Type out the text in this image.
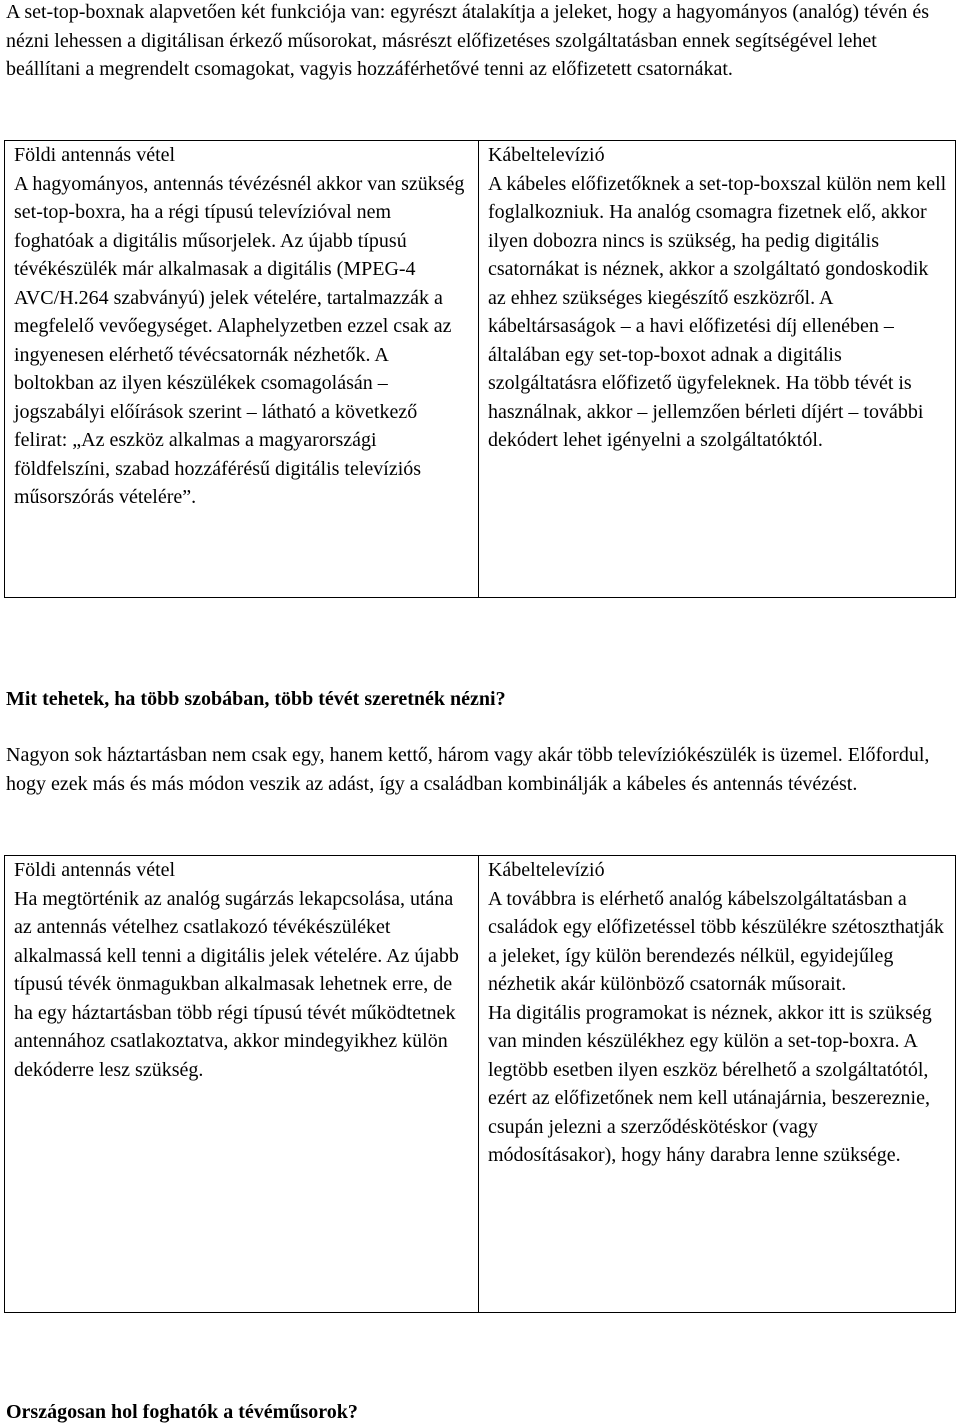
A set-top-boxnak alapvetően két funkciója van: egyrészt átalakítja a jeleket, hogy a hagyományos (analóg) tévén és nézni lehessen a digitálisan érkező műsorokat, másrészt előfizetéses szolgáltatásban ennek segítségével lehet beállítani a megrendelt csomagokat, vagyis hozzáférhetővé tenni az előfizetett csatornákat.

Földi antennás vétel
A hagyományos, antennás tévézésnél akkor van szükség set-top-boxra, ha a régi típusú televízióval nem foghatóak a digitális műsorjelek. Az újabb típusú tévékészülék már alkalmasak a digitális (MPEG-4 AVC/H.264 szabványú) jelek vételére, tartalmazzák a megfelelő vevőegységet. Alaphelyzetben ezzel csak az ingyenesen elérhető tévécsatornák nézhetők. A boltokban az ilyen készülékek csomagolásán – jogszabályi előírások szerint – látható a következő felirat: „Az eszköz alkalmas a magyarországi földfelszíni, szabad hozzáférésű digitális televíziós műsorszórás vételére”.

Kábeltelevízió
A kábeles előfizetőknek a set-top-boxszal külön nem kell foglalkozniuk. Ha analóg csomagra fizetnek elő, akkor ilyen dobozra nincs is szükség, ha pedig digitális csatornákat is néznek, akkor a szolgáltató gondoskodik az ehhez szükséges kiegészítő eszközről. A kábeltársaságok – a havi előfizetési díj ellenében – általában egy set-top-boxot adnak a digitális szolgáltatásra előfizető ügyfeleknek. Ha több tévét is használnak, akkor – jellemzően bérleti díjért – további dekódert lehet igényelni a szolgáltatóktól.

Mit tehetek, ha több szobában, több tévét szeretnék nézni?

Nagyon sok háztartásban nem csak egy, hanem kettő, három vagy akár több televíziókészülék is üzemel. Előfordul, hogy ezek más és más módon veszik az adást, így a családban kombinálják a kábeles és antennás tévézést.

Földi antennás vétel
Ha megtörténik az analóg sugárzás lekapcsolása, utána az antennás vételhez csatlakozó tévékészüléket alkalmassá kell tenni a digitális jelek vételére. Az újabb típusú tévék önmagukban alkalmasak lehetnek erre, de ha egy háztartásban több régi típusú tévét működtetnek antennához csatlakoztatva, akkor mindegyikhez külön dekóderre lesz szükség.

Kábeltelevízió
A továbbra is elérhető analóg kábelszolgáltatásban a családok egy előfizetéssel több készülékre szétoszthatják a jeleket, így külön berendezés nélkül, egyidejűleg nézhetik akár különböző csatornák műsorait.
Ha digitális programokat is néznek, akkor itt is szükség van minden készülékhez egy külön a set-top-boxra. A legtöbb esetben ilyen eszköz bérelhető a szolgáltatótól, ezért az előfizetőnek nem kell utánajárnia, beszereznie, csupán jelezni a szerződéskötéskor (vagy módosításakor), hogy hány darabra lenne szüksége.

Országosan hol foghatók a tévéműsorok?
